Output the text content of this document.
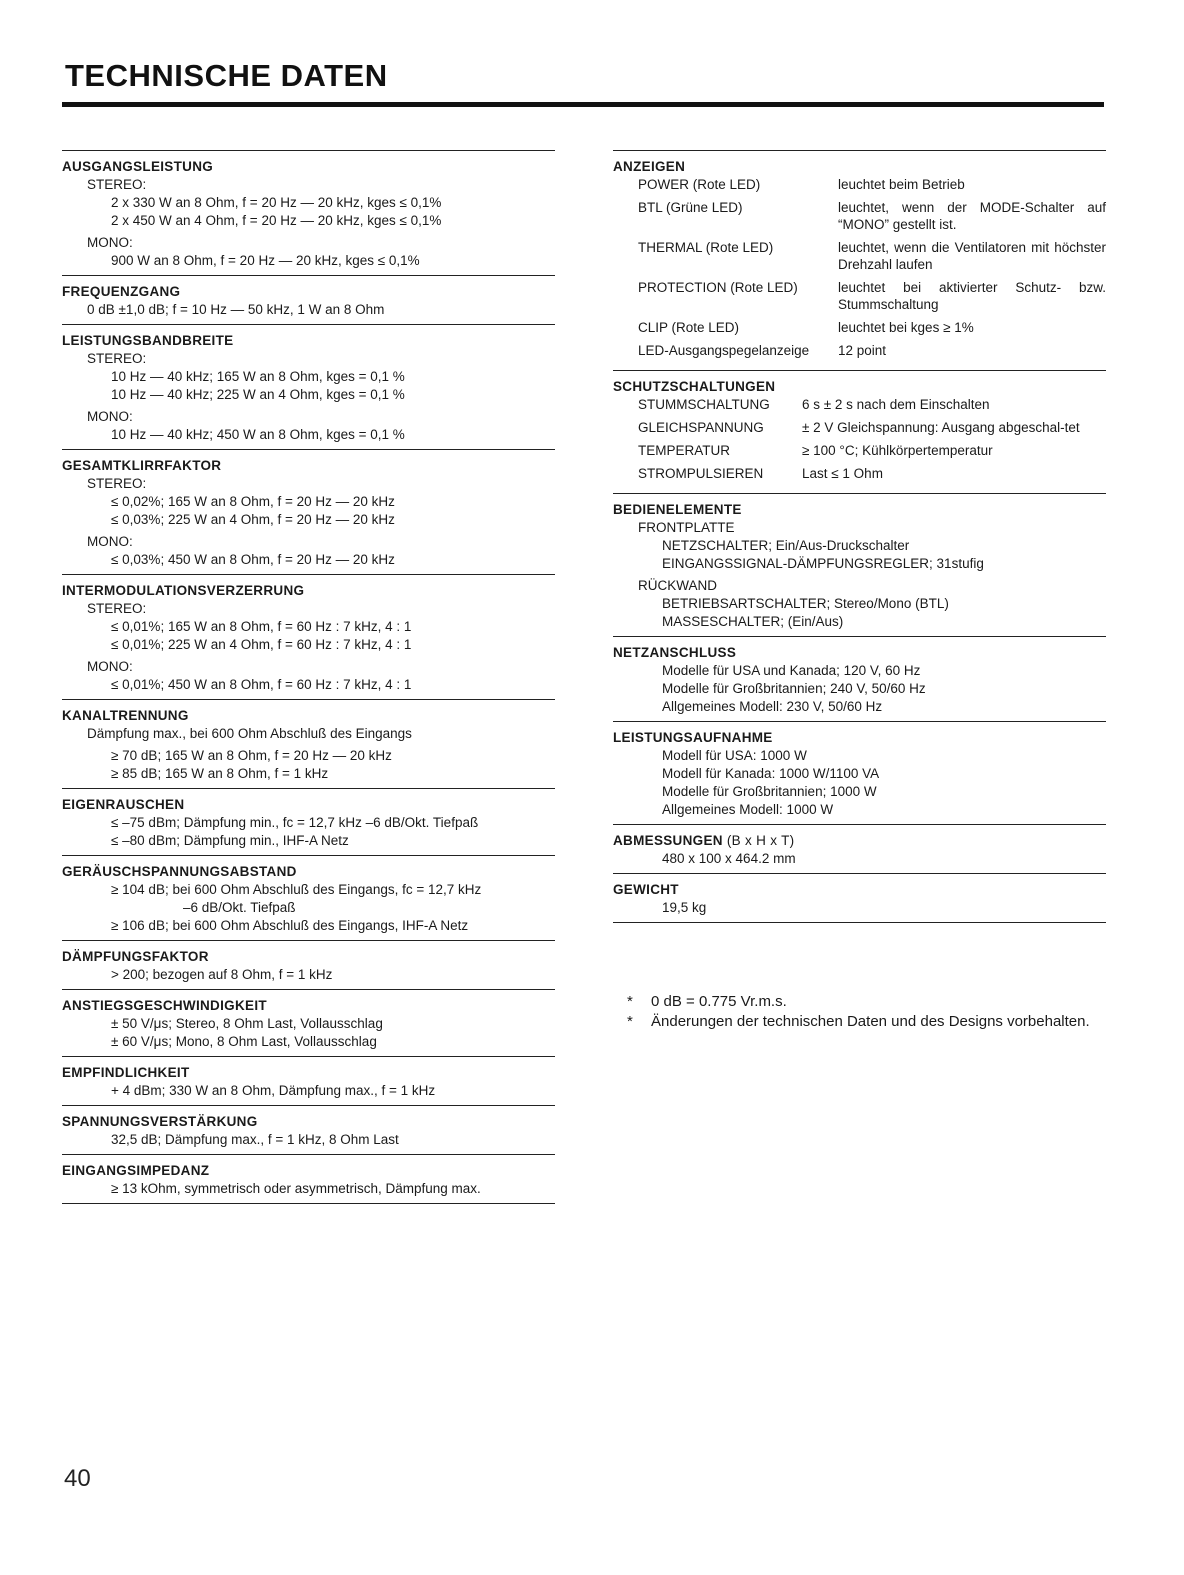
TECHNISCHE DATEN
AUSGANGSLEISTUNG
STEREO:
2 x 330 W an 8 Ohm, f = 20 Hz — 20 kHz, kges ≤ 0,1%
2 x 450 W an 4 Ohm, f = 20 Hz — 20 kHz, kges ≤ 0,1%
MONO:
900 W an 8 Ohm, f = 20 Hz — 20 kHz, kges ≤ 0,1%
FREQUENZGANG
0 dB ±1,0 dB; f = 10 Hz — 50 kHz, 1 W an 8 Ohm
LEISTUNGSBANDBREITE
STEREO:
10 Hz — 40 kHz; 165 W an 8 Ohm, kges = 0,1 %
10 Hz — 40 kHz; 225 W an 4 Ohm, kges = 0,1 %
MONO:
10 Hz — 40 kHz; 450 W an 8 Ohm, kges = 0,1 %
GESAMTKLIRRFAKTOR
STEREO:
≤ 0,02%; 165 W an 8 Ohm, f = 20 Hz — 20 kHz
≤ 0,03%; 225 W an 4 Ohm, f = 20 Hz — 20 kHz
MONO:
≤ 0,03%; 450 W an 8 Ohm, f = 20 Hz — 20 kHz
INTERMODULATIONSVERZERRUNG
STEREO:
≤ 0,01%; 165 W an 8 Ohm, f = 60 Hz : 7 kHz, 4 : 1
≤ 0,01%; 225 W an 4 Ohm, f = 60 Hz : 7 kHz, 4 : 1
MONO:
≤ 0,01%; 450 W an 8 Ohm, f = 60 Hz : 7 kHz, 4 : 1
KANALTRENNUNG
Dämpfung max., bei 600 Ohm Abschluß des Eingangs
≥ 70 dB; 165 W an 8 Ohm, f = 20 Hz — 20 kHz
≥ 85 dB; 165 W an 8 Ohm, f = 1 kHz
EIGENRAUSCHEN
≤ –75 dBm; Dämpfung min., fc = 12,7 kHz –6 dB/Okt. Tiefpaß
≤ –80 dBm; Dämpfung min., IHF-A Netz
GERÄUSCHSPANNUNGSABSTAND
≥ 104 dB; bei 600 Ohm Abschluß des Eingangs, fc = 12,7 kHz
–6 dB/Okt. Tiefpaß
≥ 106 dB; bei 600 Ohm Abschluß des Eingangs, IHF-A Netz
DÄMPFUNGSFAKTOR
> 200; bezogen auf 8 Ohm, f = 1 kHz
ANSTIEGSGESCHWINDIGKEIT
± 50 V/μs; Stereo, 8 Ohm Last, Vollausschlag
± 60 V/μs; Mono, 8 Ohm Last, Vollausschlag
EMPFINDLICHKEIT
+ 4 dBm; 330 W an 8 Ohm, Dämpfung max., f = 1 kHz
SPANNUNGSVERSTÄRKUNG
32,5 dB; Dämpfung max., f = 1 kHz, 8 Ohm Last
EINGANGSIMPEDANZ
≥ 13 kOhm, symmetrisch oder asymmetrisch, Dämpfung max.
ANZEIGEN
POWER (Rote LED)	leuchtet beim Betrieb
BTL (Grüne LED)	leuchtet, wenn der MODE-Schalter auf “MONO” gestellt ist.
THERMAL (Rote LED)	leuchtet, wenn die Ventilatoren mit höchster Drehzahl laufen
PROTECTION (Rote LED)	leuchtet bei aktivierter Schutz- bzw. Stummschaltung
CLIP (Rote LED)	leuchtet bei kges ≥ 1%
LED-Ausgangspegelanzeige	12 point
SCHUTZSCHALTUNGEN
STUMMSCHALTUNG	6 s ± 2 s nach dem Einschalten
GLEICHSPANNUNG	± 2 V Gleichspannung: Ausgang abgeschal-tet
TEMPERATUR	≥ 100 °C; Kühlkörpertemperatur
STROMPULSIEREN	Last ≤ 1 Ohm
BEDIENELEMENTE
FRONTPLATTE
NETZSCHALTER; Ein/Aus-Druckschalter
EINGANGSSIGNAL-DÄMPFUNGSREGLER; 31stufig
RÜCKWAND
BETRIEBSARTSCHALTER; Stereo/Mono (BTL)
MASSESCHALTER; (Ein/Aus)
NETZANSCHLUSS
Modelle für USA und Kanada; 120 V, 60 Hz
Modelle für Großbritannien; 240 V, 50/60 Hz
Allgemeines Modell: 230 V, 50/60 Hz
LEISTUNGSAUFNAHME
Modell für USA: 1000 W
Modell für Kanada: 1000 W/1100 VA
Modelle für Großbritannien; 1000 W
Allgemeines Modell: 1000 W
ABMESSUNGEN (B x H x T)
480 x 100 x 464.2 mm
GEWICHT
19,5 kg
*	0 dB = 0.775 Vr.m.s.
*	Änderungen der technischen Daten und des Designs vorbehalten.
40
